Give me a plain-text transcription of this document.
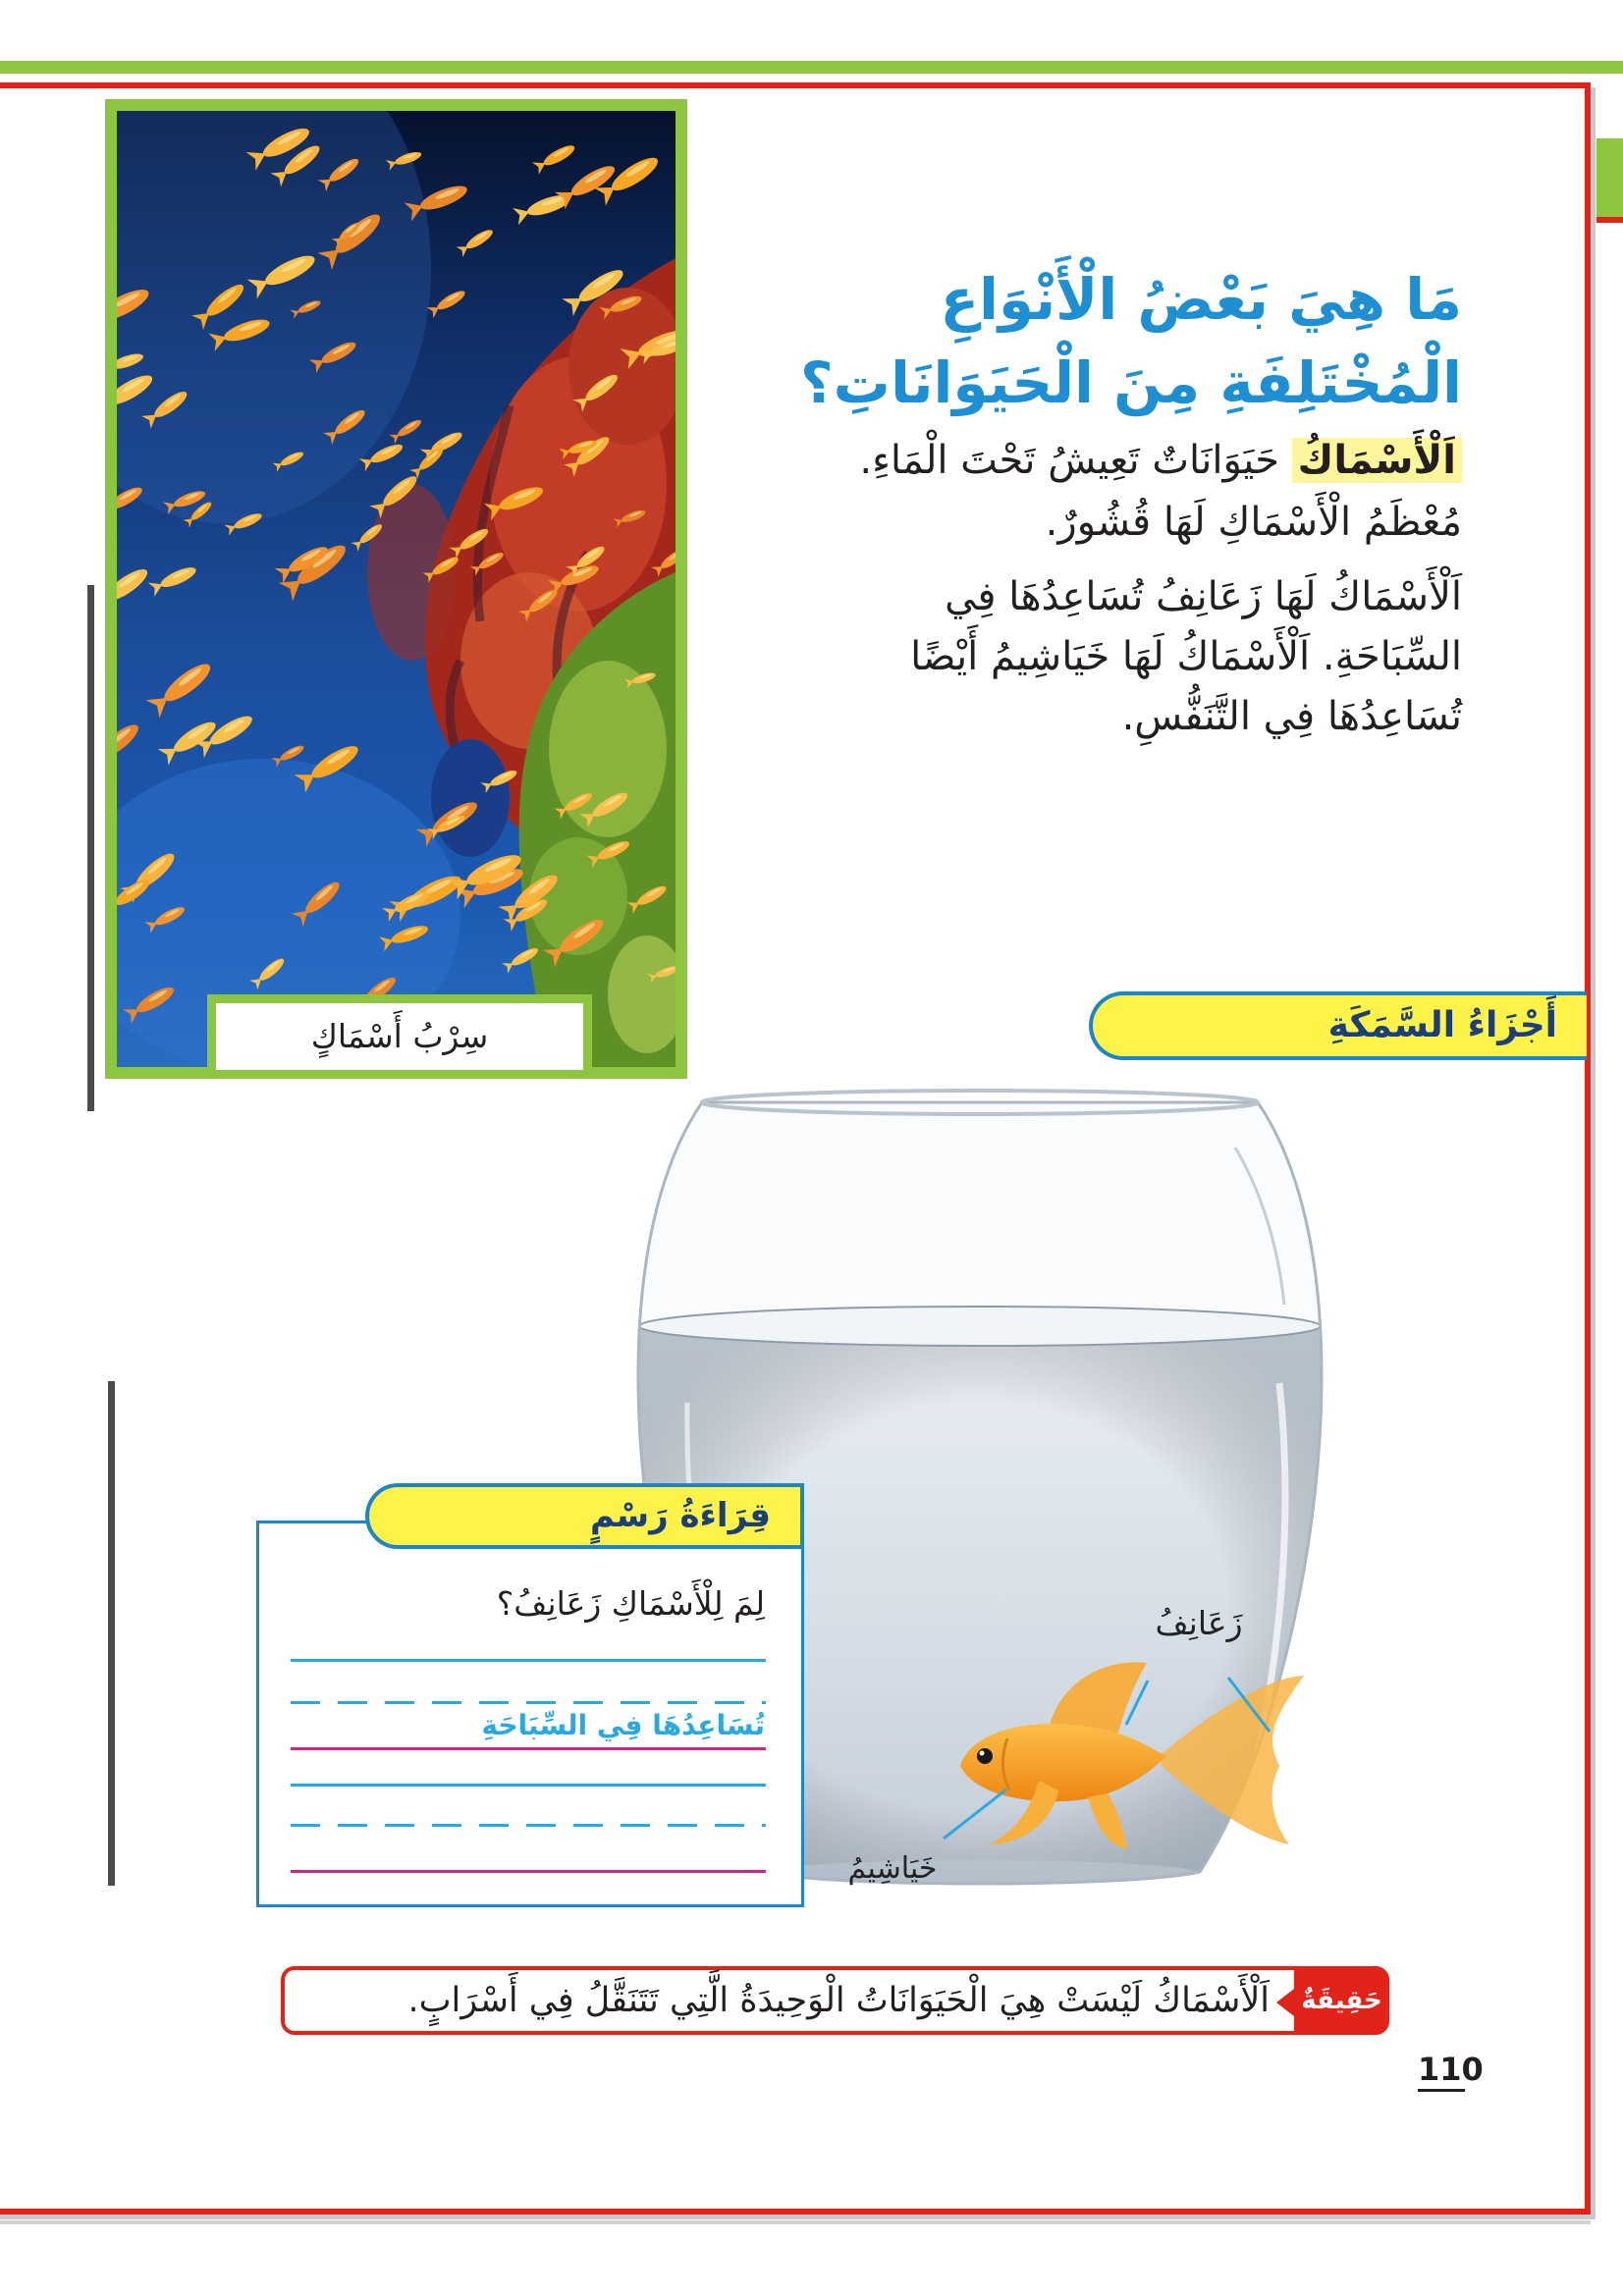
سِرْبُ أَسْمَاكٍ
مَا هِيَ بَعْضُ الْأَنْوَاعِ
الْمُخْتَلِفَةِ مِنَ الْحَيَوَانَاتِ؟
اَلْأَسْمَاكُ حَيَوَانَاتٌ تَعِيشُ تَحْتَ الْمَاءِ.
مُعْظَمُ الْأَسْمَاكِ لَهَا قُشُورٌ.
اَلْأَسْمَاكُ لَهَا زَعَانِفُ تُسَاعِدُهَا فِي
السِّبَاحَةِ. اَلْأَسْمَاكُ لَهَا خَيَاشِيمُ أَيْضًا
تُسَاعِدُهَا فِي التَّنَفُّسِ.
أَجْزَاءُ السَّمَكَةِ
زَعَانِفُ
خَيَاشِيمُ
لِمَ لِلْأَسْمَاكِ زَعَانِفُ؟
تُسَاعِدُهَا فِي السِّبَاحَةِ
قِرَاءَةُ رَسْمٍ
اَلْأَسْمَاكُ لَيْسَتْ هِيَ الْحَيَوَانَاتُ الْوَحِيدَةُ الَّتِي تَتَنَقَّلُ فِي أَسْرَابٍ. حَقِيقَةٌ
110
